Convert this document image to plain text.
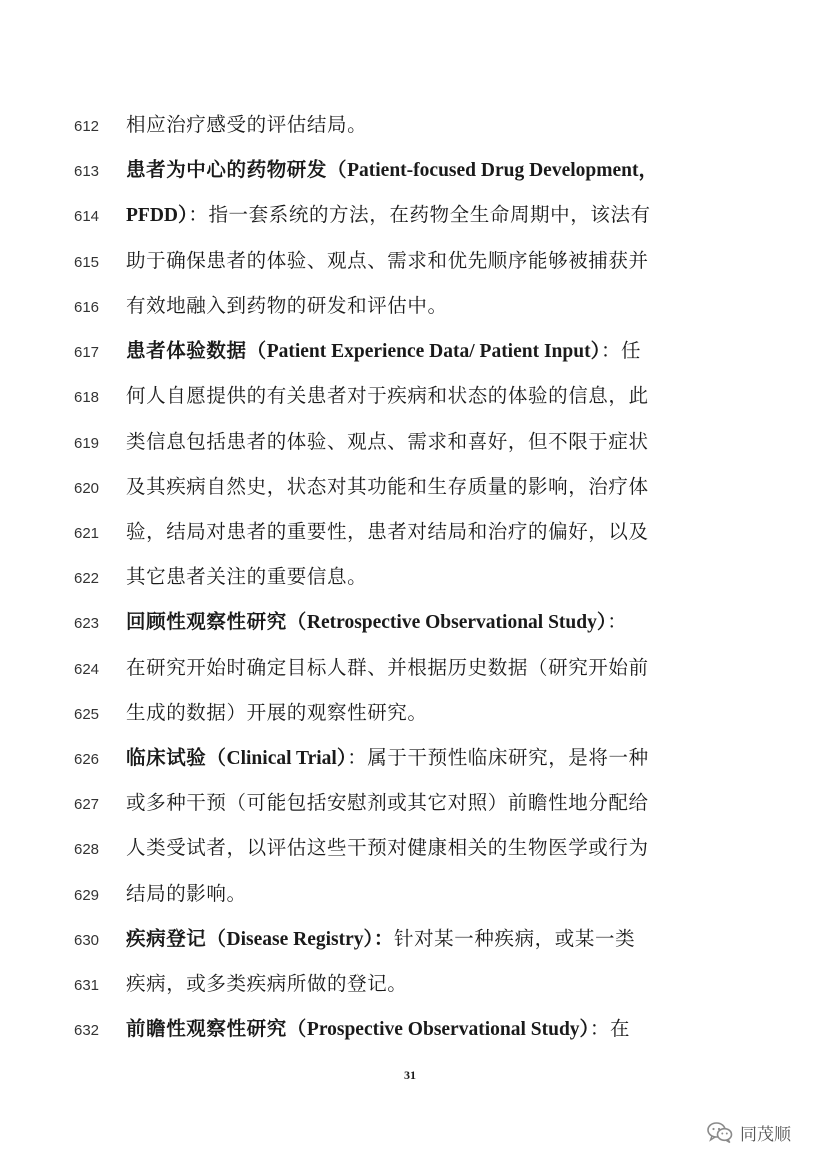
612 相应治疗感受的评估结局。
613 患者为中心的药物研发（Patient-focused Drug Development，
614 PFDD）：指一套系统的方法，在药物全生命周期中，该法有
615 助于确保患者的体验、观点、需求和优先顺序能够被捕获并
616 有效地融入到药物的研发和评估中。
617 患者体验数据（Patient Experience Data/ Patient Input）：任
618 何人自愿提供的有关患者对于疾病和状态的体验的信息，此
619 类信息包括患者的体验、观点、需求和喜好，但不限于症状
620 及其疾病自然史，状态对其功能和生存质量的影响，治疗体
621 验，结局对患者的重要性，患者对结局和治疗的偏好，以及
622 其它患者关注的重要信息。
623 回顾性观察性研究（Retrospective Observational Study）：
624 在研究开始时确定目标人群、并根据历史数据（研究开始前
625 生成的数据）开展的观察性研究。
626 临床试验（Clinical Trial）：属于干预性临床研究，是将一种
627 或多种干预（可能包括安慰剂或其它对照）前瞻性地分配给
628 人类受试者，以评估这些干预对健康相关的生物医学或行为
629 结局的影响。
630 疾病登记（Disease Registry）：针对某一种疾病，或某一类
631 疾病，或多类疾病所做的登记。
632 前瞻性观察性研究（Prospective Observational Study）：在
31
同茂顺
